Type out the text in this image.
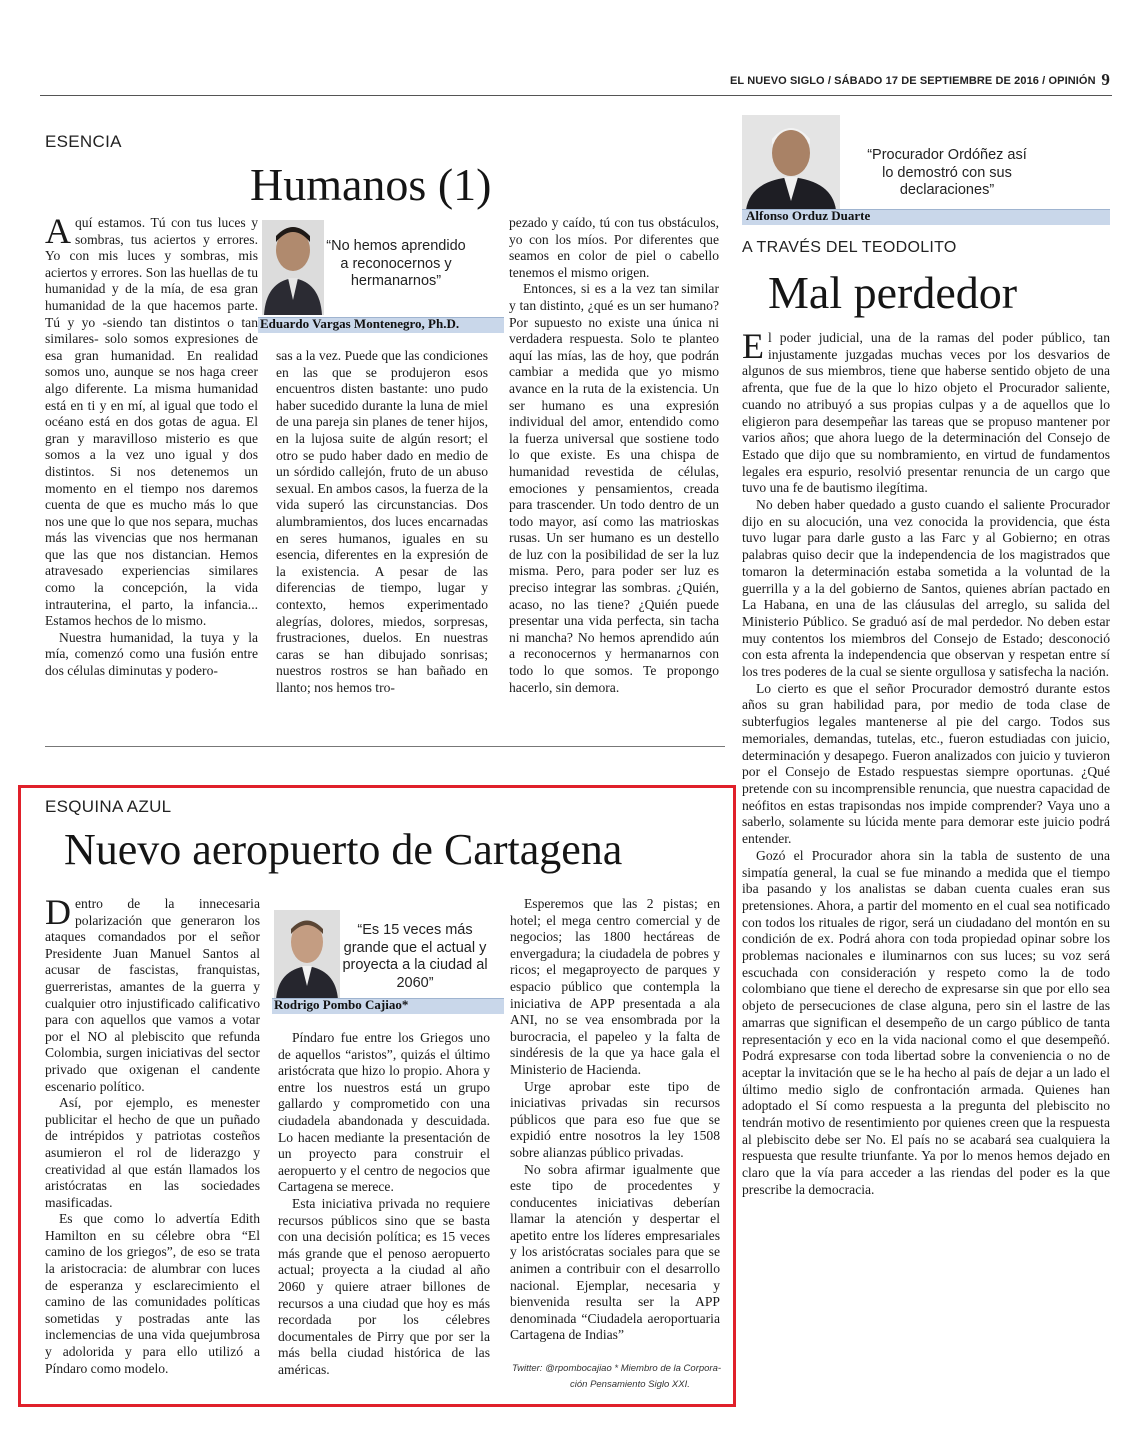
EL NUEVO SIGLO / SÁBADO 17 DE SEPTIEMBRE DE 2016 / OPINIÓN 9
ESENCIA
Humanos (1)
“No hemos aprendido a reconocernos y hermanarnos”
Eduardo Vargas Montenegro, Ph.D.

Aquí estamos. Tú con tus luces y sombras, tus aciertos y errores. Yo con mis luces y sombras, mis aciertos y errores. Son las huellas de tu humanidad y de la mía, de esa gran humanidad de la que hacemos parte. Tú y yo -siendo tan distintos o tan similares- solo somos expresiones de esa gran humanidad. En realidad somos uno, aunque se nos haga creer algo diferente. La misma humanidad está en ti y en mí, al igual que todo el océano está en dos gotas de agua. El gran y maravilloso misterio es que somos a la vez uno igual y dos distintos. Si nos detenemos un momento en el tiempo nos daremos cuenta de que es mucho más lo que nos une que lo que nos separa, muchas más las vivencias que nos hermanan que las que nos distancian. Hemos atravesado experiencias similares como la concepción, la vida intrauterina, el parto, la infancia... Estamos hechos de lo mismo.

Nuestra humanidad, la tuya y la mía, comenzó como una fusión entre dos células diminutas y podero-

sas a la vez. Puede que las condiciones en las que se produjeron esos encuentros disten bastante: uno pudo haber sucedido durante la luna de miel de una pareja sin planes de tener hijos, en la lujosa suite de algún resort; el otro se pudo haber dado en medio de un sórdido callejón, fruto de un abuso sexual. En ambos casos, la fuerza de la vida superó las circunstancias. Dos alumbramientos, dos luces encarnadas en seres humanos, iguales en su esencia, diferentes en la expresión de la existencia. A pesar de las diferencias de tiempo, lugar y contexto, hemos experimentado alegrías, dolores, miedos, sorpresas, frustraciones, duelos. En nuestras caras se han dibujado sonrisas; nuestros rostros se han bañado en llanto; nos hemos tro-

pezado y caído, tú con tus obstáculos, yo con los míos. Por diferentes que seamos en color de piel o cabello tenemos el mismo origen.

Entonces, si es a la vez tan similar y tan distinto, ¿qué es un ser humano? Por supuesto no existe una única ni verdadera respuesta. Solo te planteo aquí las mías, las de hoy, que podrán cambiar a medida que yo mismo avance en la ruta de la existencia. Un ser humano es una expresión individual del amor, entendido como la fuerza universal que sostiene todo lo que existe. Es una chispa de humanidad revestida de células, emociones y pensamientos, creada para trascender. Un todo dentro de un todo mayor, así como las matrioskas rusas. Un ser humano es un destello de luz con la posibilidad de ser la luz misma. Pero, para poder ser luz es preciso integrar las sombras. ¿Quién, acaso, no las tiene? ¿Quién puede presentar una vida perfecta, sin tacha ni mancha? No hemos aprendido aún a reconocernos y hermanarnos con todo lo que somos. Te propongo hacerlo, sin demora.

“Procurador Ordóñez así lo demostró con sus declaraciones”
Alfonso Orduz Duarte
A TRAVÉS DEL TEODOLITO
Mal perdedor

El poder judicial, una de la ramas del poder público, tan injustamente juzgadas muchas veces por los desvarios de algunos de sus miembros, tiene que haberse sentido objeto de una afrenta, que fue de la que lo hizo objeto el Procurador saliente, cuando no atribuyó a sus propias culpas y a de aquellos que lo eligieron para desempeñar las tareas que se propuso mantener por varios años; que ahora luego de la determinación del Consejo de Estado que dijo que su nombramiento, en virtud de fundamentos legales era espurio, resolvió presentar renuncia de un cargo que tuvo una fe de bautismo ilegítima.

No deben haber quedado a gusto cuando el saliente Procurador dijo en su alocución, una vez conocida la providencia, que ésta tuvo lugar para darle gusto a las Farc y al Gobierno; en otras palabras quiso decir que la independencia de los magistrados que tomaron la determinación estaba sometida a la voluntad de la guerrilla y a la del gobierno de Santos, quienes abrían pactado en La Habana, en una de las cláusulas del arreglo, su salida del Ministerio Público. Se graduó así de mal perdedor. No deben estar muy contentos los miembros del Consejo de Estado; desconoció con esta afrenta la independencia que observan y respetan entre sí los tres poderes de la cual se siente orgullosa y satisfecha la nación.

Lo cierto es que el señor Procurador demostró durante estos años su gran habilidad para, por medio de toda clase de subterfugios legales mantenerse al pie del cargo. Todos sus memoriales, demandas, tutelas, etc., fueron estudiadas con juicio, determinación y desapego. Fueron analizados con juicio y tuvieron por el Consejo de Estado respuestas siempre oportunas. ¿Qué pretende con su incomprensible renuncia, que nuestra capacidad de neófitos en estas trapisondas nos impide comprender? Vaya uno a saberlo, solamente su lúcida mente para demorar este juicio podrá entender.

Gozó el Procurador ahora sin la tabla de sustento de una simpatía general, la cual se fue minando a medida que el tiempo iba pasando y los analistas se daban cuenta cuales eran sus pretensiones. Ahora, a partir del momento en el cual sea notificado con todos los rituales de rigor, será un ciudadano del montón en su condición de ex. Podrá ahora con toda propiedad opinar sobre los problemas nacionales e iluminarnos con sus luces; su voz será escuchada con consideración y respeto como la de todo colombiano que tiene el derecho de expresarse sin que por ello sea objeto de persecuciones de clase alguna, pero sin el lastre de las amarras que significan el desempeño de un cargo público de tanta representación y eco en la vida nacional como el que desempeñó. Podrá expresarse con toda libertad sobre la conveniencia o no de aceptar la invitación que se le ha hecho al país de dejar a un lado el último medio siglo de confrontación armada. Quienes han adoptado el Sí como respuesta a la pregunta del plebiscito no tendrán motivo de resentimiento por quienes creen que la respuesta al plebiscito debe ser No. El país no se acabará sea cualquiera la respuesta que resulte triunfante. Ya por lo menos hemos dejado en claro que la vía para acceder a las riendas del poder es la que prescribe la democracia.

ESQUINA AZUL
Nuevo aeropuerto de Cartagena
“Es 15 veces más grande que el actual y proyecta a la ciudad al 2060”
Rodrigo Pombo Cajiao*

Dentro de la innecesaria polarización que generaron los ataques comandados por el señor Presidente Juan Manuel Santos al acusar de fascistas, franquistas, guerreristas, amantes de la guerra y cualquier otro injustificado calificativo para con aquellos que vamos a votar por el NO al plebiscito que refunda Colombia, surgen iniciativas del sector privado que oxigenan el candente escenario político.

Así, por ejemplo, es menester publicitar el hecho de que un puñado de intrépidos y patriotas costeños asumieron el rol de liderazgo y creatividad al que están llamados los aristócratas en las sociedades masificadas.

Es que como lo advertía Edith Hamilton en su célebre obra “El camino de los griegos”, de eso se trata la aristocracia: de alumbrar con luces de esperanza y esclarecimiento el camino de las comunidades políticas sometidas y postradas ante las inclemencias de una vida quejumbrosa y adolorida y para ello utilizó a Píndaro como modelo.

Píndaro fue entre los Griegos uno de aquellos “aristos”, quizás el último aristócrata que hizo lo propio. Ahora y entre los nuestros está un grupo gallardo y comprometido con una ciudadela abandonada y descuidada. Lo hacen mediante la presentación de un proyecto para construir el aeropuerto y el centro de negocios que Cartagena se merece.

Esta iniciativa privada no requiere recursos públicos sino que se basta con una decisión política; es 15 veces más grande que el penoso aeropuerto actual; proyecta a la ciudad al año 2060 y quiere atraer billones de recursos a una ciudad que hoy es más recordada por los célebres documentales de Pirry que por ser la más bella ciudad histórica de las américas.

Esperemos que las 2 pistas; en hotel; el mega centro comercial y de negocios; las 1800 hectáreas de envergadura; la ciudadela de pobres y ricos; el megaproyecto de parques y espacio público que contempla la iniciativa de APP presentada a ala ANI, no se vea ensombrada por la burocracia, el papeleo y la falta de sindéresis de la que ya hace gala el Ministerio de Hacienda.

Urge aprobar este tipo de iniciativas privadas sin recursos públicos que para eso fue que se expidió entre nosotros la ley 1508 sobre alianzas público privadas.

No sobra afirmar igualmente que este tipo de procedentes y conducentes iniciativas deberían llamar la atención y despertar el apetito entre los líderes empresariales y los aristócratas sociales para que se animen a contribuir con el desarrollo nacional. Ejemplar, necesaria y bienvenida resulta ser la APP denominada “Ciudadela aeroportuaria Cartagena de Indias”

Twitter: @rpombocajiao * Miembro de la Corpora-
ción Pensamiento Siglo XXI.
